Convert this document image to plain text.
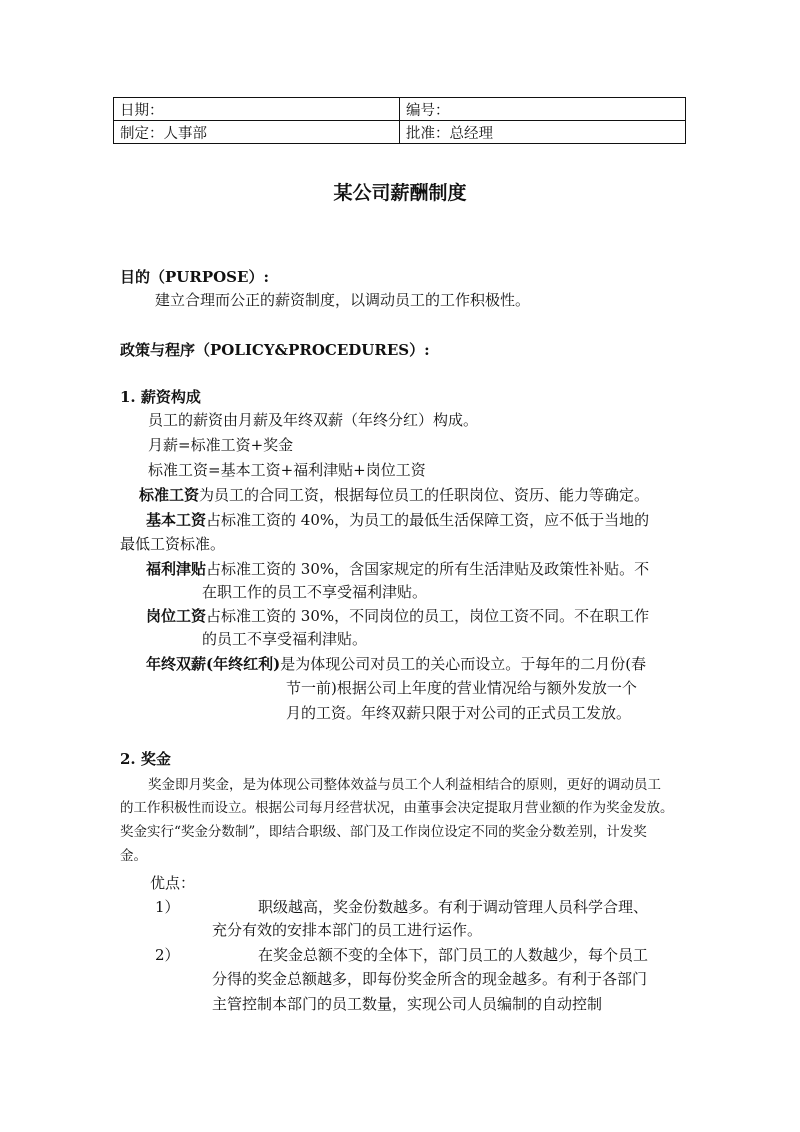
日期：	编号：
制定：人事部	批准：总经理
某公司薪酬制度
目的（PURPOSE）:
建立合理而公正的薪资制度，以调动员工的工作积极性。
政策与程序（POLICY&PROCEDURES）:
1. 薪资构成
员工的薪资由月薪及年终双薪（年终分红）构成。
月薪=标准工资+奖金
标准工资=基本工资+福利津贴+岗位工资
标准工资为员工的合同工资，根据每位员工的任职岗位、资历、能力等确定。
基本工资占标准工资的 40%，为员工的最低生活保障工资，应不低于当地的
最低工资标准。
福利津贴占标准工资的 30%，含国家规定的所有生活津贴及政策性补贴。不
在职工作的员工不享受福利津贴。
岗位工资占标准工资的 30%，不同岗位的员工，岗位工资不同。不在职工作
的员工不享受福利津贴。
年终双薪(年终红利)是为体现公司对员工的关心而设立。于每年的二月份(春
节一前)根据公司上年度的营业情况给与额外发放一个
月的工资。年终双薪只限于对公司的正式员工发放。
2. 奖金
奖金即月奖金，是为体现公司整体效益与员工个人利益相结合的原则，更好的调动员工
的工作积极性而设立。根据公司每月经营状况，由董事会决定提取月营业额的作为奖金发放。
奖金实行“奖金分数制”，即结合职级、部门及工作岗位设定不同的奖金分数差别，计发奖
金。
优点：
1）	职级越高，奖金份数越多。有利于调动管理人员科学合理、
充分有效的安排本部门的员工进行运作。
2）	在奖金总额不变的全体下，部门员工的人数越少，每个员工
分得的奖金总额越多，即每份奖金所含的现金越多。有利于各部门
主管控制本部门的员工数量，实现公司人员编制的自动控制
